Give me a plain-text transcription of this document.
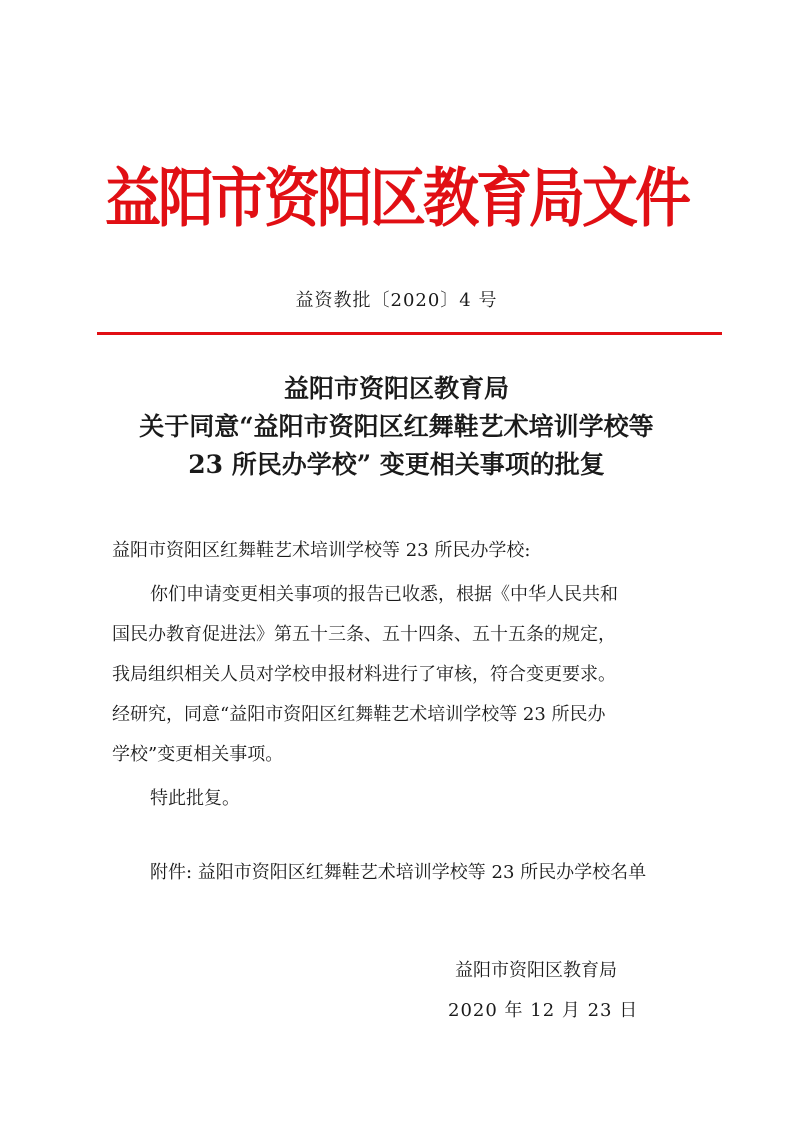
益阳市资阳区教育局文件
益资教批〔2020〕4 号
益阳市资阳区教育局
关于同意“益阳市资阳区红舞鞋艺术培训学校等
23 所民办学校” 变更相关事项的批复
益阳市资阳区红舞鞋艺术培训学校等 23 所民办学校:
你们申请变更相关事项的报告已收悉，根据《中华人民共和
国民办教育促进法》第五十三条、五十四条、五十五条的规定，
我局组织相关人员对学校申报材料进行了审核，符合变更要求。
经研究，同意“益阳市资阳区红舞鞋艺术培训学校等 23 所民办
学校”变更相关事项。
特此批复。
附件: 益阳市资阳区红舞鞋艺术培训学校等 23 所民办学校名单
益阳市资阳区教育局
2020 年 12 月 23 日
